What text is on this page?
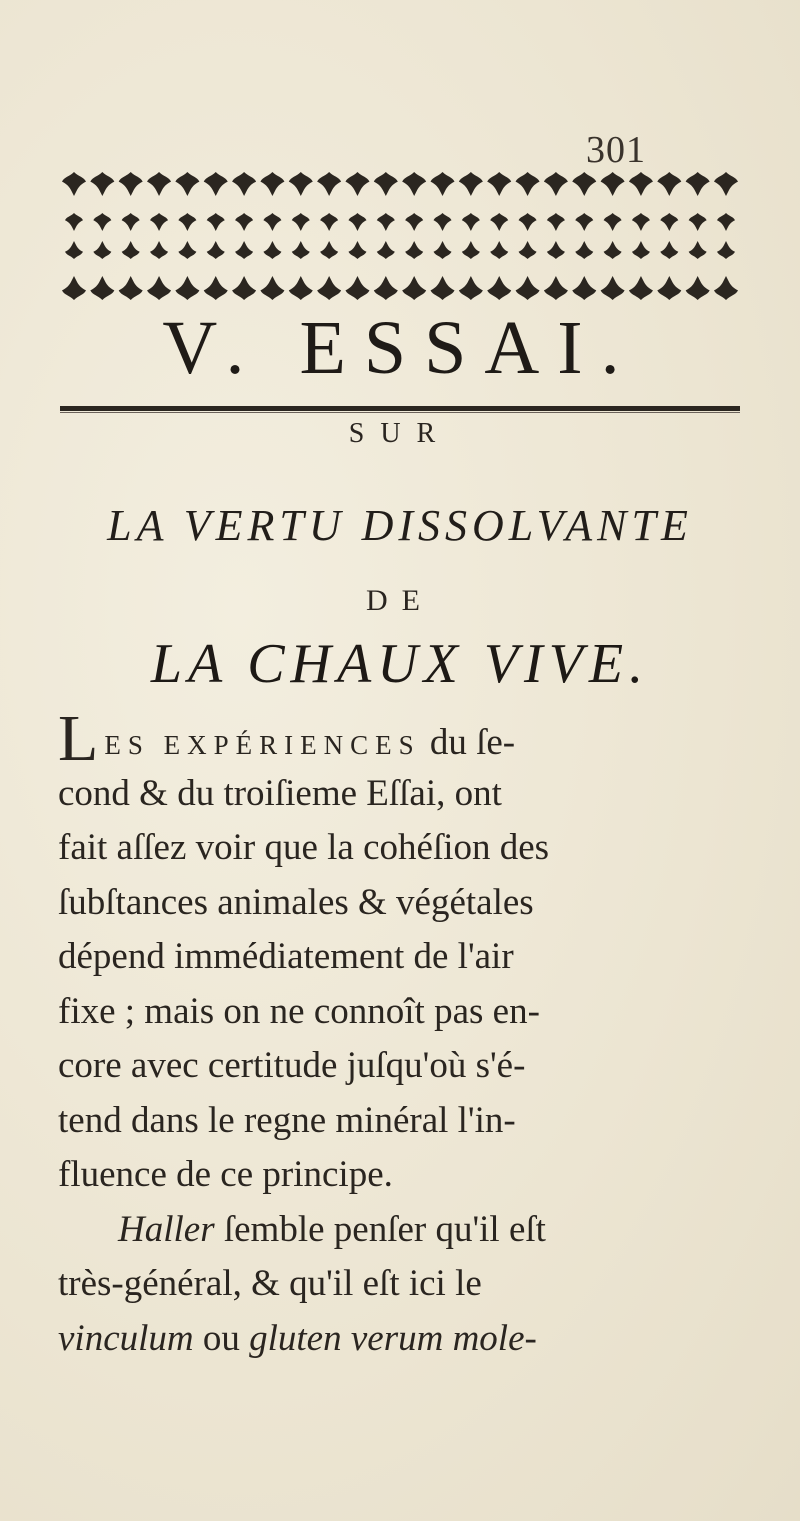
301
V. ESSAI.
SUR
LA VERTU DISSOLVANTE
DE
LA CHAUX VIVE.
LES EXPÉRIENCES du ſe-
cond & du troiſieme Eſſai, ont
fait aſſez voir que la cohéſion des
ſubſtances animales & végétales
dépend immédiatement de l'air
fixe ; mais on ne connoît pas en-
core avec certitude juſqu'où s'é-
tend dans le regne minéral l'in-
fluence de ce principe.
Haller ſemble penſer qu'il eſt
très-général, & qu'il eſt ici le
vinculum ou gluten verum mole-
